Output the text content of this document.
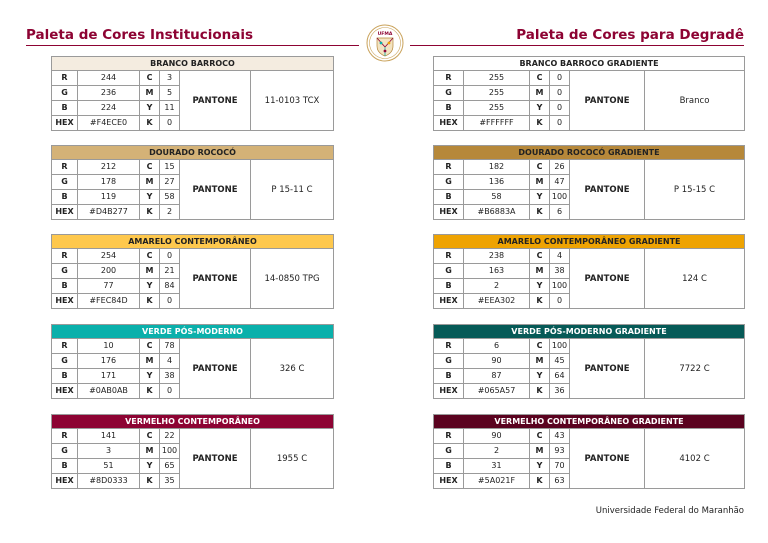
Paleta de Cores Institucionais	Paleta de Cores para Degradê
UFMA
BRANCO BARROCO
R	244	C	3	PANTONE	11-0103 TCX
G	236	M	5		
B	224	Y	11		
HEX	#F4ECE0	K	0		
DOURADO ROCOCÓ
R	212	C	15	PANTONE	P 15-11 C
G	178	M	27		
B	119	Y	58		
HEX	#D4B277	K	2		
AMARELO CONTEMPORÂNEO
R	254	C	0	PANTONE	14-0850 TPG
G	200	M	21		
B	77	Y	84		
HEX	#FEC84D	K	0		
VERDE PÓS-MODERNO
R	10	C	78	PANTONE	326 C
G	176	M	4		
B	171	Y	38		
HEX	#0AB0AB	K	0		
VERMELHO CONTEMPORÂNEO
R	141	C	22	PANTONE	1955 C
G	3	M	100		
B	51	Y	65		
HEX	#8D0333	K	35		
BRANCO BARROCO GRADIENTE
R	255	C	0	PANTONE	Branco
G	255	M	0		
B	255	Y	0		
HEX	#FFFFFF	K	0		
DOURADO ROCOCÓ GRADIENTE
R	182	C	26	PANTONE	P 15-15 C
G	136	M	47		
B	58	Y	100		
HEX	#B6883A	K	6		
AMARELO CONTEMPORÂNEO GRADIENTE
R	238	C	4	PANTONE	124 C
G	163	M	38		
B	2	Y	100		
HEX	#EEA302	K	0		
VERDE PÓS-MODERNO GRADIENTE
R	6	C	100	PANTONE	7722 C
G	90	M	45		
B	87	Y	64		
HEX	#065A57	K	36		
VERMELHO CONTEMPORÂNEO GRADIENTE
R	90	C	43	PANTONE	4102 C
G	2	M	93		
B	31	Y	70		
HEX	#5A021F	K	63		
Universidade Federal do Maranhão
